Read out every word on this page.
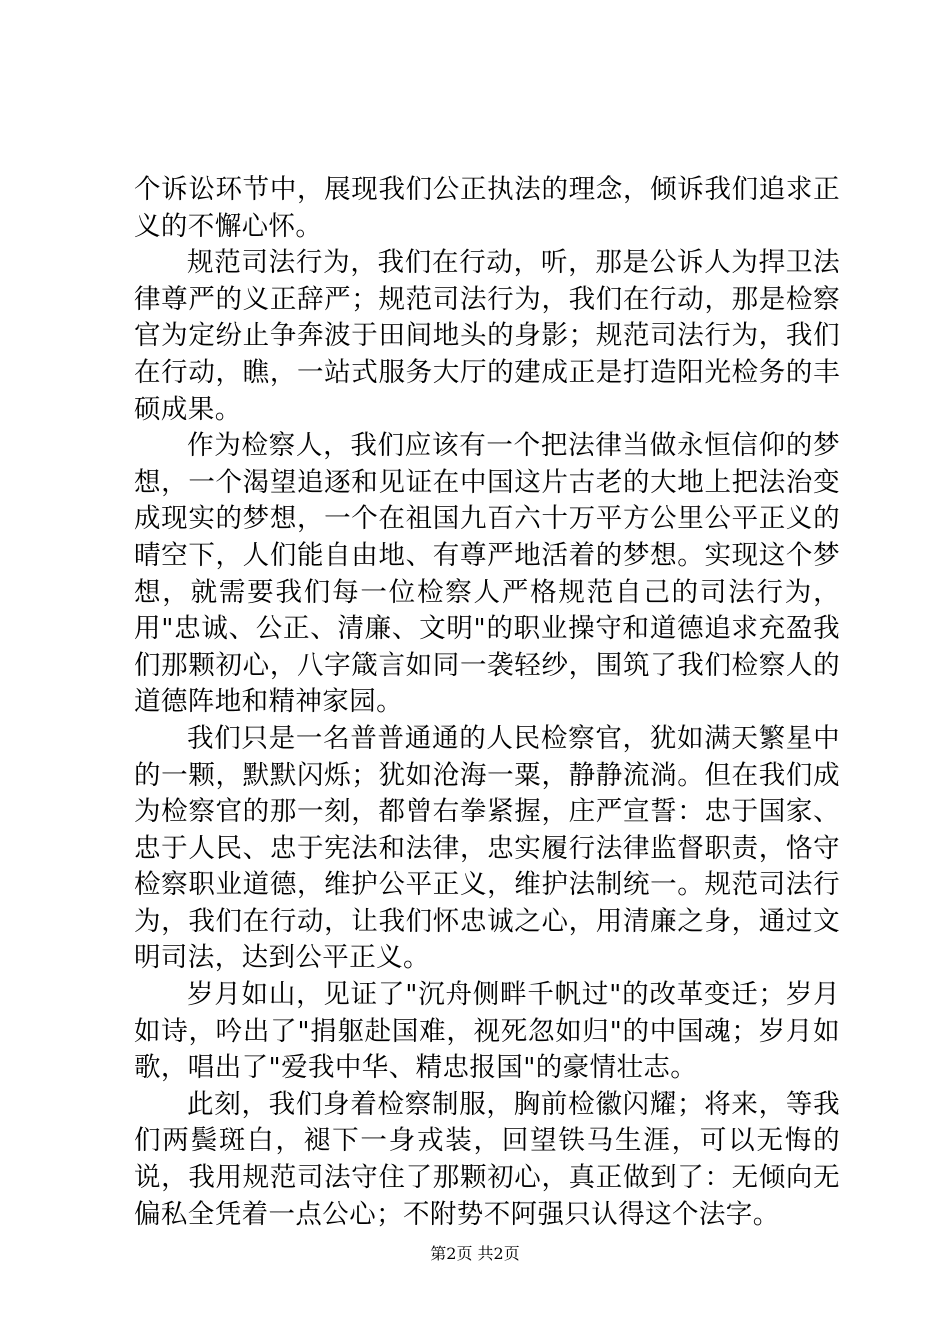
个诉讼环节中，展现我们公正执法的理念，倾诉我们追求正义的不懈心怀。

规范司法行为，我们在行动，听，那是公诉人为捍卫法律尊严的义正辞严；规范司法行为，我们在行动，那是检察官为定纷止争奔波于田间地头的身影；规范司法行为，我们在行动，瞧，一站式服务大厅的建成正是打造阳光检务的丰硕成果。

作为检察人，我们应该有一个把法律当做永恒信仰的梦想，一个渴望追逐和见证在中国这片古老的大地上把法治变成现实的梦想，一个在祖国九百六十万平方公里公平正义的晴空下，人们能自由地、有尊严地活着的梦想。实现这个梦想，就需要我们每一位检察人严格规范自己的司法行为，用"忠诚、公正、清廉、文明"的职业操守和道德追求充盈我们那颗初心，八字箴言如同一袭轻纱，围筑了我们检察人的道德阵地和精神家园。

我们只是一名普普通通的人民检察官，犹如满天繁星中的一颗，默默闪烁；犹如沧海一粟，静静流淌。但在我们成为检察官的那一刻，都曾右拳紧握，庄严宣誓：忠于国家、忠于人民、忠于宪法和法律，忠实履行法律监督职责，恪守检察职业道德，维护公平正义，维护法制统一。规范司法行为，我们在行动，让我们怀忠诚之心，用清廉之身，通过文明司法，达到公平正义。

岁月如山，见证了"沉舟侧畔千帆过"的改革变迁；岁月如诗，吟出了"捐躯赴国难，视死忽如归"的中国魂；岁月如歌，唱出了"爱我中华、精忠报国"的豪情壮志。

此刻，我们身着检察制服，胸前检徽闪耀；将来，等我们两鬓斑白，褪下一身戎装，回望铁马生涯，可以无悔的说，我用规范司法守住了那颗初心，真正做到了：无倾向无偏私全凭着一点公心；不附势不阿强只认得这个法字。

第2页 共2页
